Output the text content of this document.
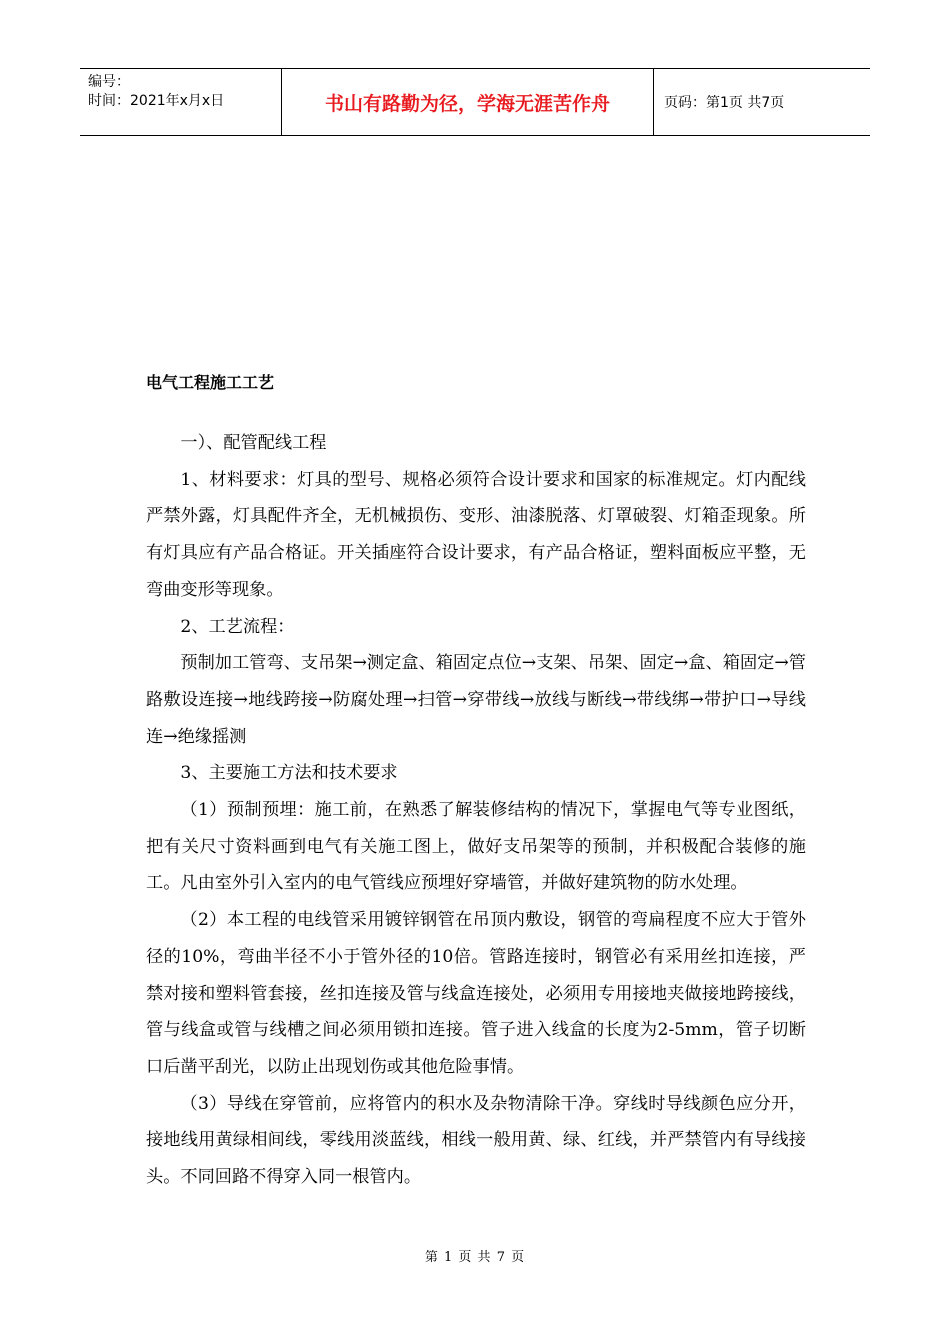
编号：
时间：2021年x月x日	书山有路勤为径，学海无涯苦作舟	页码：第1页 共7页
电气工程施工工艺

一）、配管配线工程

1、材料要求：灯具的型号、规格必须符合设计要求和国家的标准规定。灯内配线严禁外露，灯具配件齐全，无机械损伤、变形、油漆脱落、灯罩破裂、灯箱歪现象。所有灯具应有产品合格证。开关插座符合设计要求，有产品合格证，塑料面板应平整，无弯曲变形等现象。

2、工艺流程：

预制加工管弯、支吊架→测定盒、箱固定点位→支架、吊架、固定→盒、箱固定→管路敷设连接→地线跨接→防腐处理→扫管→穿带线→放线与断线→带线绑→带护口→导线连→绝缘摇测

3、主要施工方法和技术要求

（1）预制预埋：施工前，在熟悉了解装修结构的情况下，掌握电气等专业图纸，把有关尺寸资料画到电气有关施工图上，做好支吊架等的预制，并积极配合装修的施工。凡由室外引入室内的电气管线应预埋好穿墙管，并做好建筑物的防水处理。

（2）本工程的电线管采用镀锌钢管在吊顶内敷设，钢管的弯扁程度不应大于管外径的10%，弯曲半径不小于管外径的10倍。管路连接时，钢管必有采用丝扣连接，严禁对接和塑料管套接，丝扣连接及管与线盒连接处，必须用专用接地夹做接地跨接线，管与线盒或管与线槽之间必须用锁扣连接。管子进入线盒的长度为2-5mm，管子切断口后凿平刮光，以防止出现划伤或其他危险事情。

（3）导线在穿管前，应将管内的积水及杂物清除干净。穿线时导线颜色应分开，接地线用黄绿相间线，零线用淡蓝线，相线一般用黄、绿、红线，并严禁管内有导线接头。不同回路不得穿入同一根管内。

第 1 页 共 7 页
